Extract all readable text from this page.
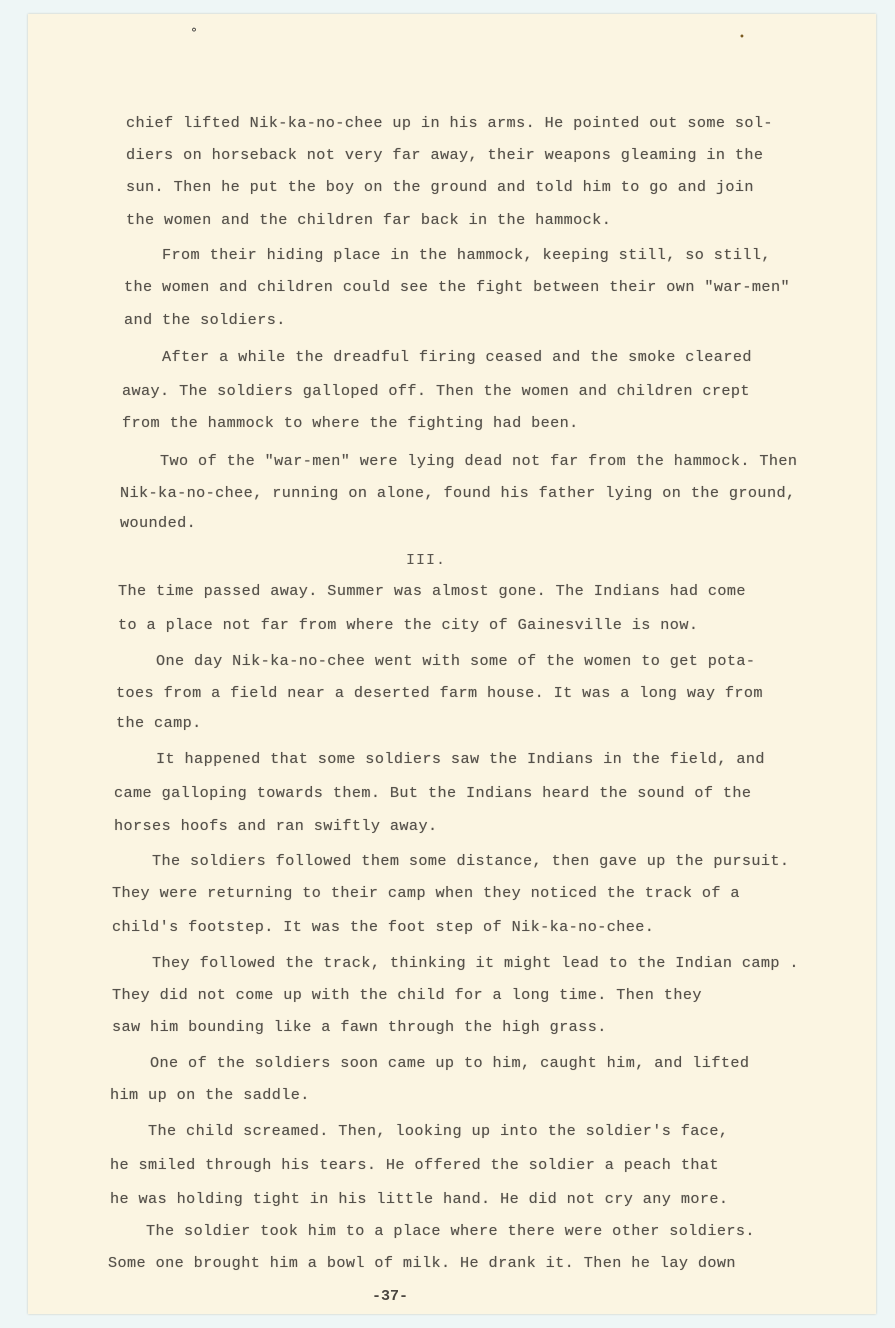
°	•
chief lifted Nik-ka-no-chee up in his arms. He pointed out some sol-
diers on horseback not very far away, their weapons gleaming in the
sun. Then he put the boy on the ground and told him to go and join
the women and the children far back in the hammock.
From their hiding place in the hammock, keeping still, so still,
the women and children could see the fight between their own "war-men"
and the soldiers.
After a while the dreadful firing ceased and the smoke cleared
away. The soldiers galloped off. Then the women and children crept
from the hammock to where the fighting had been.
Two of the "war-men" were lying dead not far from the hammock. Then
Nik-ka-no-chee, running on alone, found his father lying on the ground,
wounded.
III.
The time passed away. Summer was almost gone. The Indians had come
to a place not far from where the city of Gainesville is now.
One day Nik-ka-no-chee went with some of the women to get pota-
toes from a field near a deserted farm house. It was a long way from
the camp.
It happened that some soldiers saw the Indians in the field, and
came galloping towards them. But the Indians heard the sound of the
horses hoofs and ran swiftly away.
The soldiers followed them some distance, then gave up the pursuit.
They were returning to their camp when they noticed the track of a
child's footstep. It was the foot step of Nik-ka-no-chee.
They followed the track, thinking it might lead to the Indian camp .
They did not come up with the child for a long time. Then they
saw him bounding like a fawn through the high grass.
One of the soldiers soon came up to him, caught him, and lifted
him up on the saddle.
The child screamed. Then, looking up into the soldier's face,
he smiled through his tears. He offered the soldier a peach that
he was holding tight in his little hand. He did not cry any more.
The soldier took him to a place where there were other soldiers.
Some one brought him a bowl of milk. He drank it. Then he lay down
-37-
